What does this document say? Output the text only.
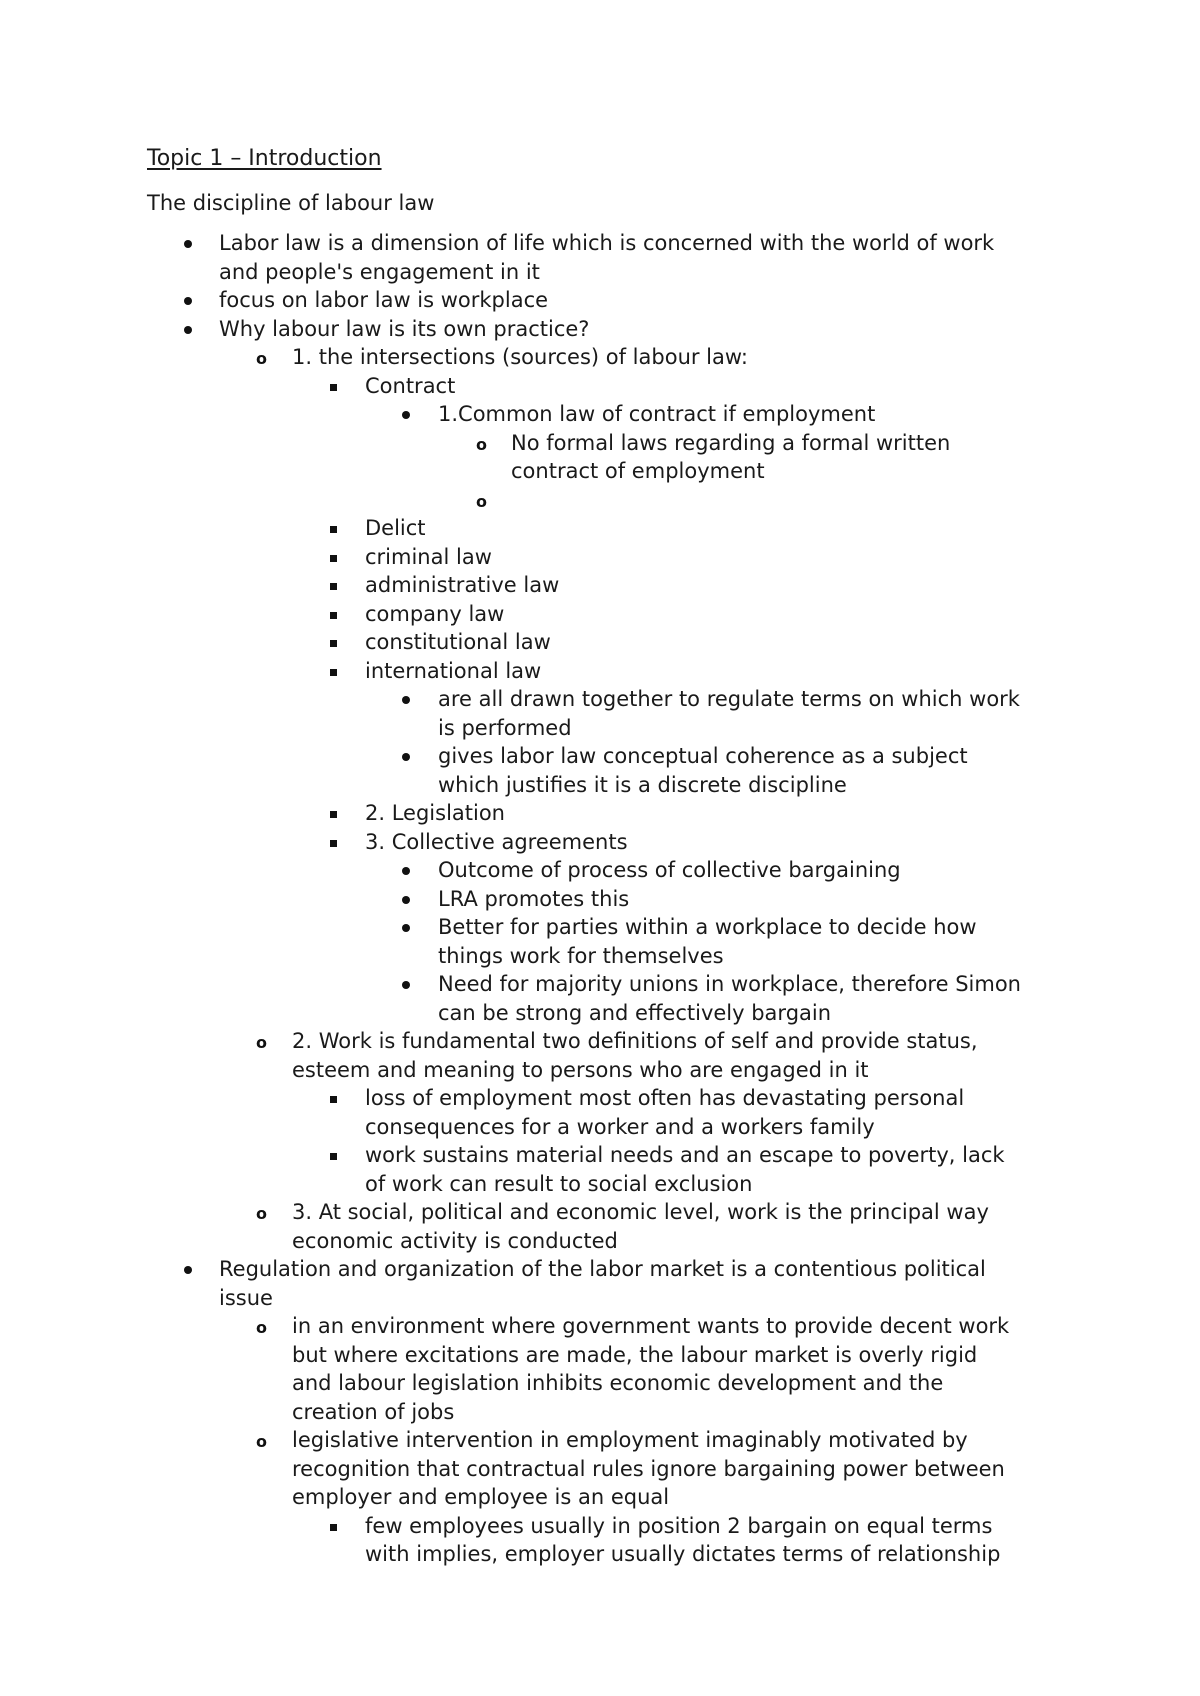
Topic 1 – Introduction
The discipline of labour law
Labor law is a dimension of life which is concerned with the world of work
and people's engagement in it
focus on labor law is workplace
Why labour law is its own practice?
o 1. the intersections (sources) of labour law:
Contract
1.Common law of contract if employment
o No formal laws regarding a formal written
contract of employment
o
Delict
criminal law
administrative law
company law
constitutional law
international law
are all drawn together to regulate terms on which work
is performed
gives labor law conceptual coherence as a subject
which justifies it is a discrete discipline
2. Legislation
3. Collective agreements
Outcome of process of collective bargaining
LRA promotes this
Better for parties within a workplace to decide how
things work for themselves
Need for majority unions in workplace, therefore Simon
can be strong and effectively bargain
o 2. Work is fundamental two definitions of self and provide status,
esteem and meaning to persons who are engaged in it
loss of employment most often has devastating personal
consequences for a worker and a workers family
work sustains material needs and an escape to poverty, lack
of work can result to social exclusion
o 3. At social, political and economic level, work is the principal way
economic activity is conducted
Regulation and organization of the labor market is a contentious political
issue
o in an environment where government wants to provide decent work
but where excitations are made, the labour market is overly rigid
and labour legislation inhibits economic development and the
creation of jobs
o legislative intervention in employment imaginably motivated by
recognition that contractual rules ignore bargaining power between
employer and employee is an equal
few employees usually in position 2 bargain on equal terms
with implies, employer usually dictates terms of relationship
